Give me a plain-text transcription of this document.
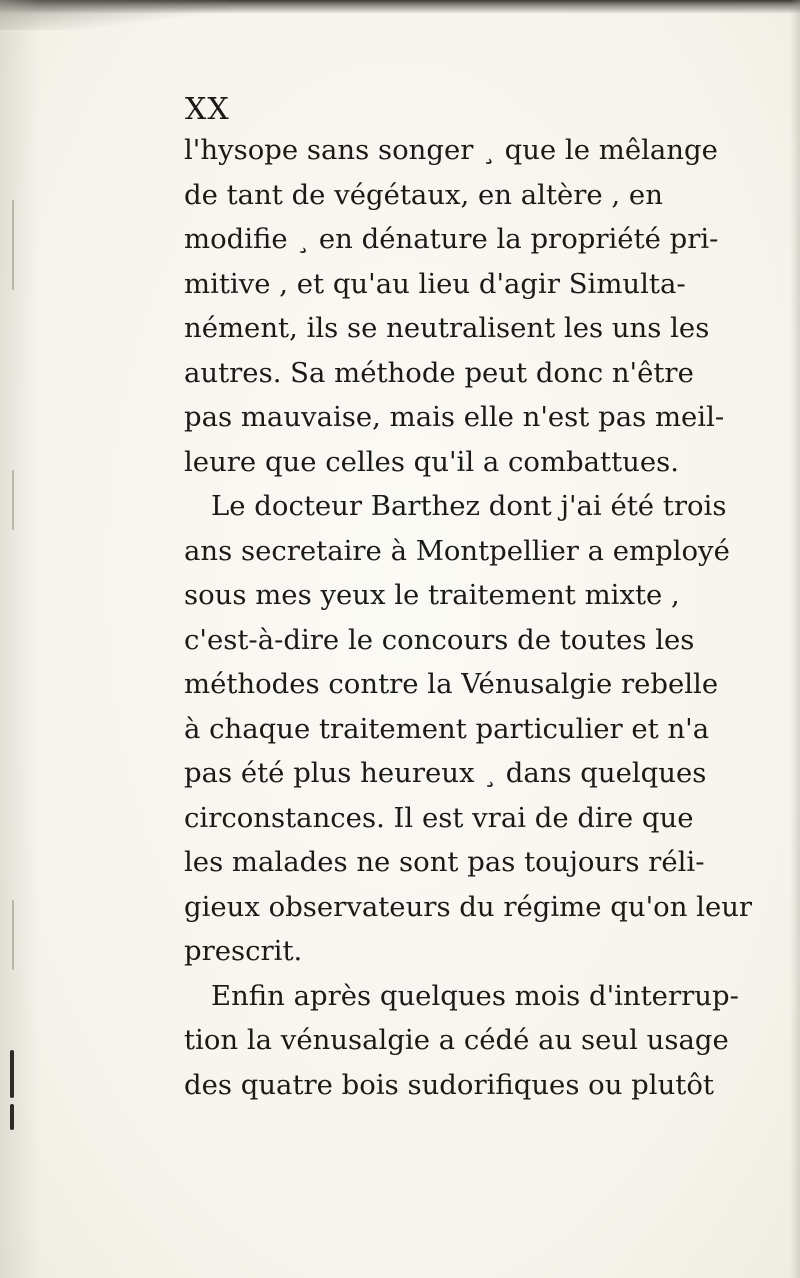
XX
l'hysope sans songer ¸ que le mêlange
de tant de végétaux, en altère , en
modifie ¸ en dénature la propriété pri-
mitive , et qu'au lieu d'agir Simulta-
nément, ils se neutralisent les uns les
autres. Sa méthode peut donc n'être
pas mauvaise, mais elle n'est pas meil-
leure que celles qu'il a combattues.
Le docteur Barthez dont j'ai été trois
ans secretaire à Montpellier a employé
sous mes yeux le traitement mixte ,
c'est-à-dire le concours de toutes les
méthodes contre la Vénusalgie rebelle
à chaque traitement particulier et n'a
pas été plus heureux ¸ dans quelques
circonstances. Il est vrai de dire que
les malades ne sont pas toujours réli-
gieux observateurs du régime qu'on leur
prescrit.
Enfin après quelques mois d'interrup-
tion la vénusalgie a cédé au seul usage
des quatre bois sudorifiques ou plutôt
